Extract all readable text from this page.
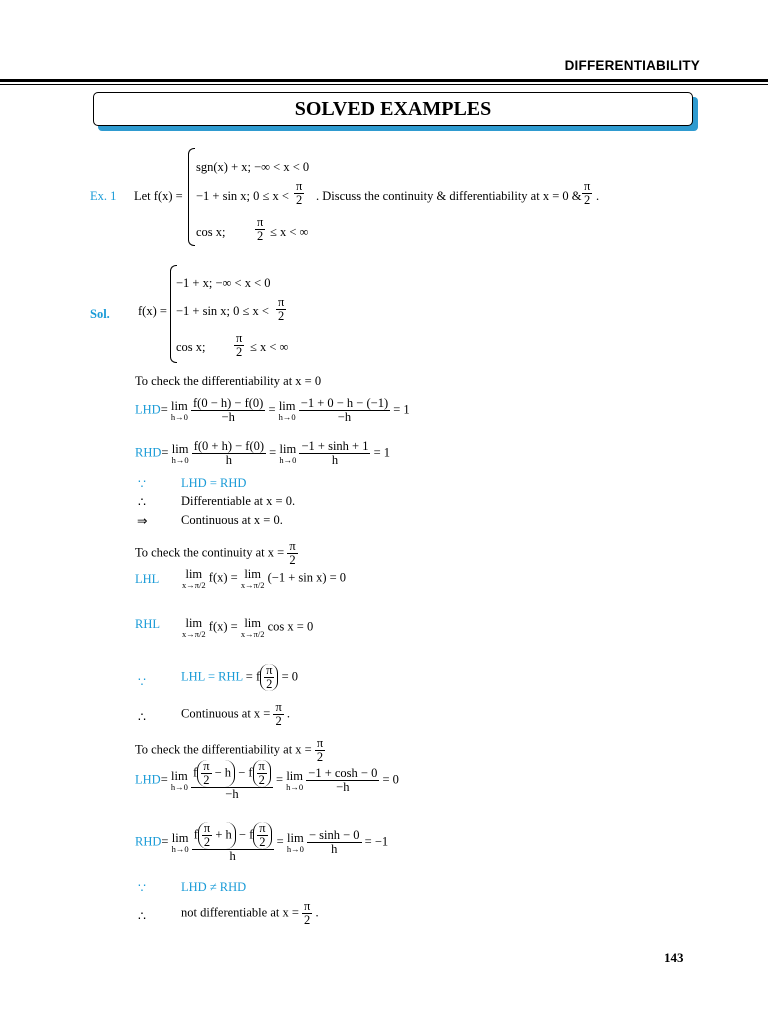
DIFFERENTIABILITY
SOLVED EXAMPLES
Ex. 1 Let f(x) =
sgn(x) + x; −∞ < x < 0
−1 + sin x; $0 \le x < \frac{\pi}{2}$
cos x; $\frac{\pi}{2} \le x$ < ∞
. Discuss the continuity & differentiability at x = 0 & $\frac{\pi}{2}$ .
Sol. f(x) =
−1 + x; −∞ < x < 0
−1 + sin x; $0 \le x < \frac{\pi}{2}$
cos x; $\frac{\pi}{2} \le x$ < ∞
To check the differentiability at x = 0
LHD= lim
h→0
$\frac{f(0 - h) - f(0)}{-h} = \lim$
h→0
$\frac{-1 + 0 - h - (-1)}{-h} = 1$
RHD= lim
h→0
$\frac{f(0 + h) - f(0)}{h} = \lim$
h→0
$\frac{-1 + \sinh + 1}{h} = 1$
∵	LHD = RHD
∴	Differentiable at x = 0.
⇒	Continuous at x = 0.
To check the continuity at $x = \frac{\pi}{2}$
LHL lim
x→π/2
f(x) = lim
x→π/2
(−1 + sin x) = 0
RHL lim
x→π/2
f(x) = lim
x→π/2
cos x = 0
∵	LHL = RHL = f $\frac{\pi}{2} = 0$
∴	Continuous at $x = \frac{\pi}{2}$ .
To check the differentiability at $x = \frac{\pi}{2}$
LHD= lim
h→0
$\frac{f \frac{\pi}{2} - h - f \frac{\pi}{2}}{-h} = \lim$
h→0
$\frac{-1 + \cosh - 0}{-h} = 0$
RHD= lim
h→0
$\frac{f \frac{\pi}{2} + h - f \frac{\pi}{2}}{h} = \lim$
h→0
$\frac{- \sinh - 0}{h} = -1$
∵	LHD ≠ RHD
∴	not differentiable at $x = \frac{\pi}{2}$ .
143
